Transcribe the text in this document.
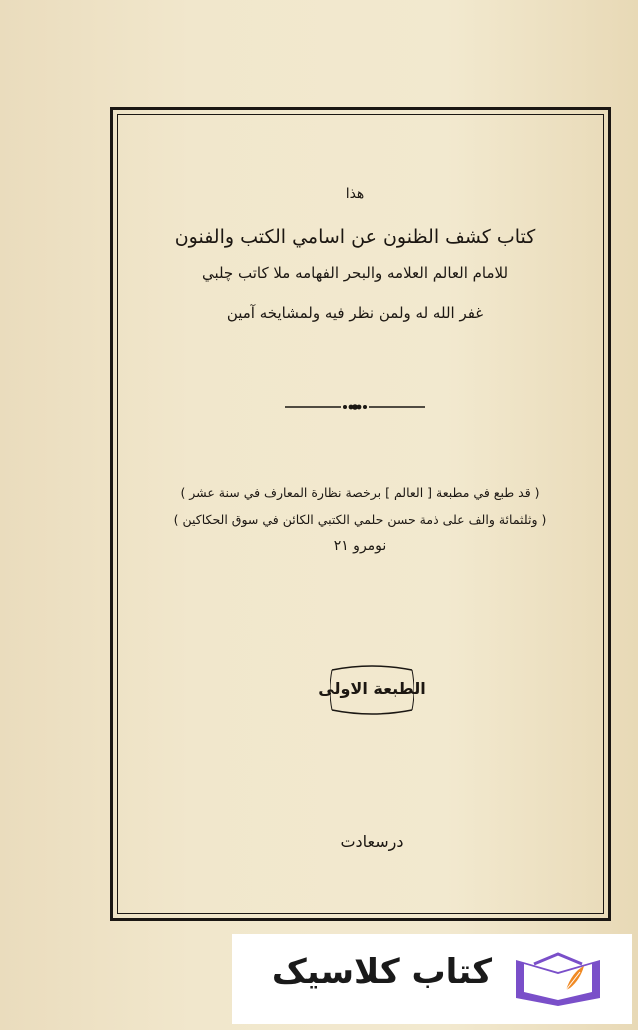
هذا
كتاب كشف الظنون عن اسامي الكتب والفنون
للامام العالم العلامه والبحر الفهامه ملا كاتب چلبي
غفر الله له ولمن نظر فيه ولمشايخه آمين
( قد طبع في مطبعة [ العالم ] برخصة نظارة المعارف في سنة عشر )
( وثلثمائة والف على ذمة حسن حلمي الكتبي الكائن في سوق الحكاكين )
نومرو ٢١
الطبعة الاولى
درسعادت
کتاب کلاسیک
